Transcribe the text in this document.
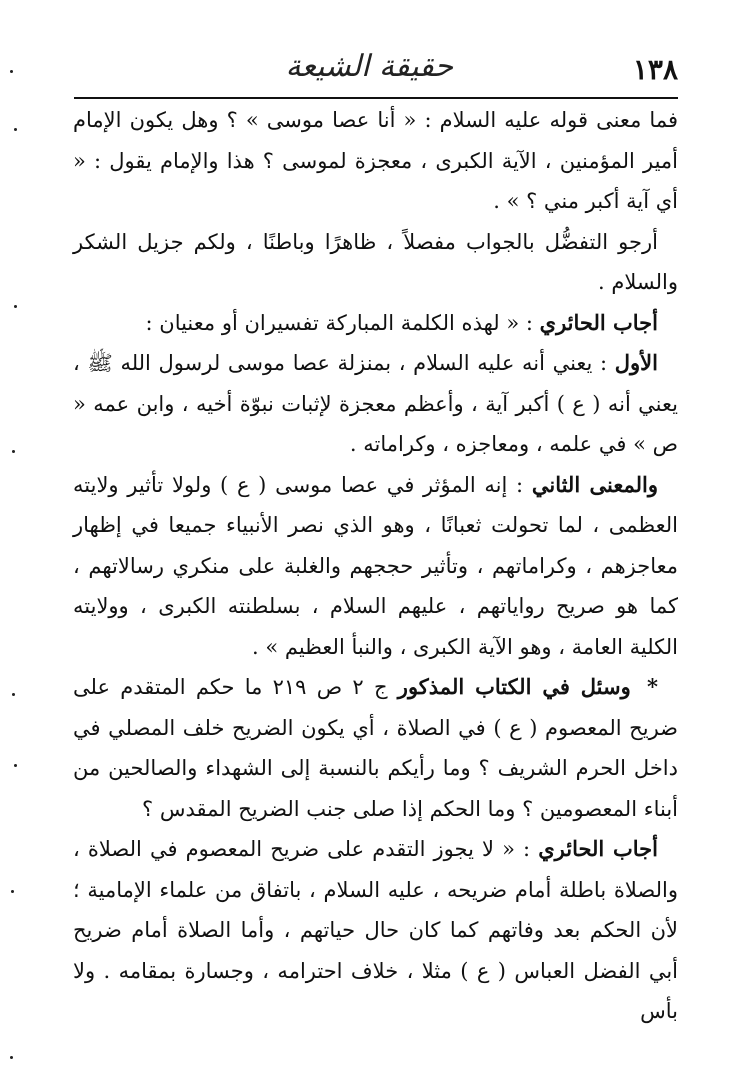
١٣٨
حقيقة الشيعة

فما معنى قوله عليه السلام : « أنا عصا موسى » ؟ وهل يكون الإمام أمير المؤمنين ، الآية الكبرى ، معجزة لموسى ؟ هذا والإمام يقول : « أي آية أكبر مني ؟ » .

أرجو التفضُّل بالجواب مفصلاً ، ظاهرًا وباطنًا ، ولكم جزيل الشكر والسلام .

أجاب الحائري : « لهذه الكلمة المباركة تفسيران أو معنيان :

الأول : يعني أنه عليه السلام ، بمنزلة عصا موسى لرسول الله ﷺ ، يعني أنه ( ع ) أكبر آية ، وأعظم معجزة لإثبات نبوّة أخيه ، وابن عمه « ص » في علمه ، ومعاجزه ، وكراماته .

والمعنى الثاني : إنه المؤثر في عصا موسى ( ع ) ولولا تأثير ولايته العظمى ، لما تحولت ثعبانًا ، وهو الذي نصر الأنبياء جميعا في إظهار معاجزهم ، وكراماتهم ، وتأثير حججهم والغلبة على منكري رسالاتهم ، كما هو صريح رواياتهم ، عليهم السلام ، بسلطنته الكبرى ، وولايته الكلية العامة ، وهو الآية الكبرى ، والنبأ العظيم » .

* وسئل في الكتاب المذكور ج ٢ ص ٢١٩ ما حكم المتقدم على ضريح المعصوم ( ع ) في الصلاة ، أي يكون الضريح خلف المصلي في داخل الحرم الشريف ؟ وما رأيكم بالنسبة إلى الشهداء والصالحين من أبناء المعصومين ؟ وما الحكم إذا صلى جنب الضريح المقدس ؟

أجاب الحائري : « لا يجوز التقدم على ضريح المعصوم في الصلاة ، والصلاة باطلة أمام ضريحه ، عليه السلام ، باتفاق من علماء الإمامية ؛ لأن الحكم بعد وفاتهم كما كان حال حياتهم ، وأما الصلاة أمام ضريح أبي الفضل العباس ( ع ) مثلا ، خلاف احترامه ، وجسارة بمقامه . ولا بأس
